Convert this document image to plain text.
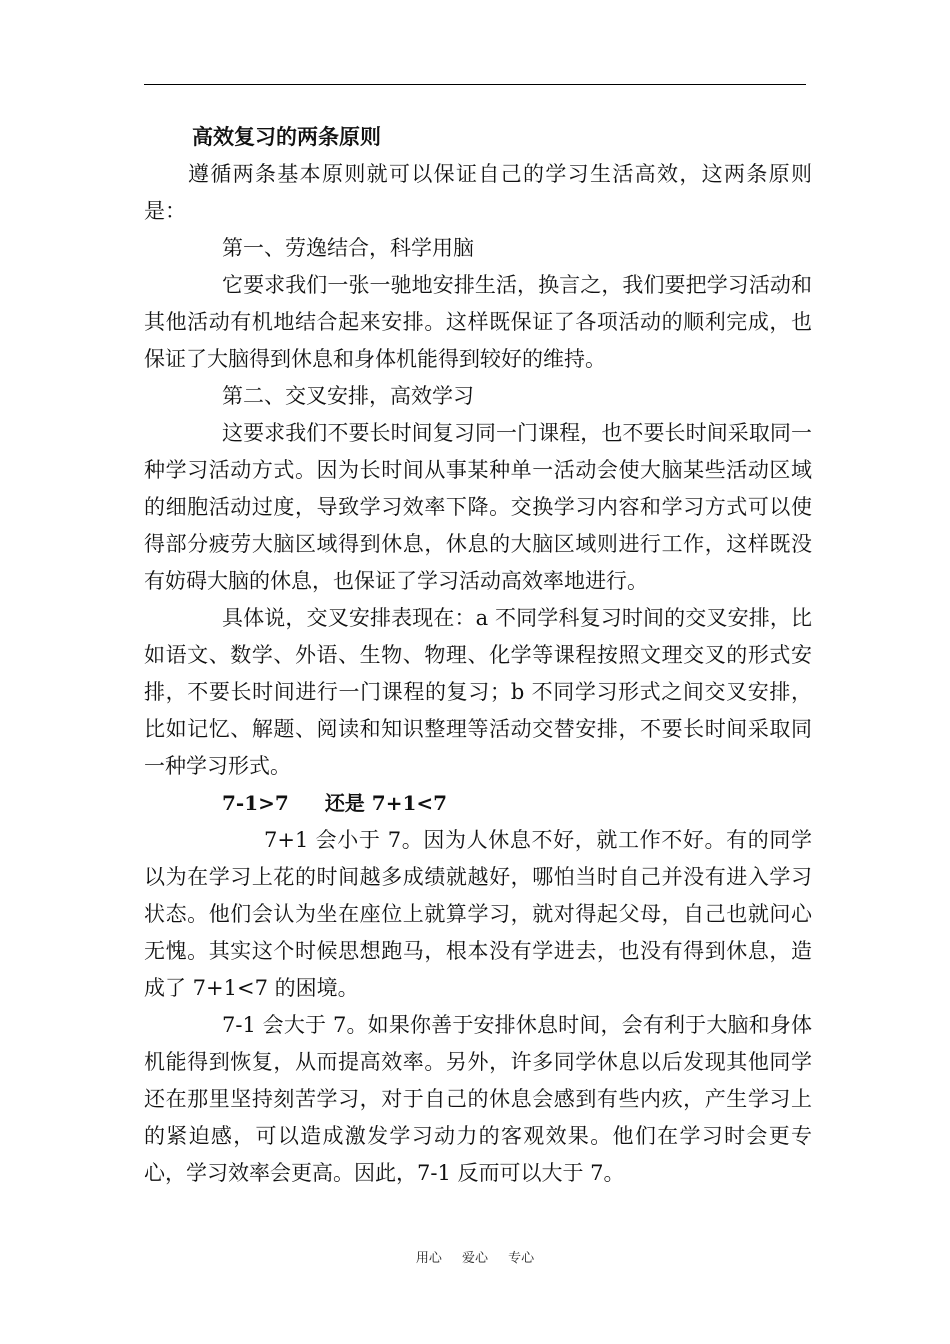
高效复习的两条原则

遵循两条基本原则就可以保证自己的学习生活高效，这两条原则是：

第一、劳逸结合，科学用脑

它要求我们一张一驰地安排生活，换言之，我们要把学习活动和其他活动有机地结合起来安排。这样既保证了各项活动的顺利完成，也保证了大脑得到休息和身体机能得到较好的维持。

第二、交叉安排，高效学习

这要求我们不要长时间复习同一门课程，也不要长时间采取同一种学习活动方式。因为长时间从事某种单一活动会使大脑某些活动区域的细胞活动过度，导致学习效率下降。交换学习内容和学习方式可以使得部分疲劳大脑区域得到休息，休息的大脑区域则进行工作，这样既没有妨碍大脑的休息，也保证了学习活动高效率地进行。

具体说，交叉安排表现在：a 不同学科复习时间的交叉安排，比如语文、数学、外语、生物、物理、化学等课程按照文理交叉的形式安排，不要长时间进行一门课程的复习；b 不同学习形式之间交叉安排，比如记忆、解题、阅读和知识整理等活动交替安排，不要长时间采取同一种学习形式。

7-1>7 还是 7+1<7

7+1 会小于 7。因为人休息不好，就工作不好。有的同学以为在学习上花的时间越多成绩就越好，哪怕当时自己并没有进入学习状态。他们会认为坐在座位上就算学习，就对得起父母，自己也就问心无愧。其实这个时候思想跑马，根本没有学进去，也没有得到休息，造成了 7+1<7 的困境。

7-1 会大于 7。如果你善于安排休息时间，会有利于大脑和身体机能得到恢复，从而提高效率。另外，许多同学休息以后发现其他同学还在那里坚持刻苦学习，对于自己的休息会感到有些内疚，产生学习上的紧迫感，可以造成激发学习动力的客观效果。他们在学习时会更专心，学习效率会更高。因此，7-1 反而可以大于 7。

用心 爱心 专心
